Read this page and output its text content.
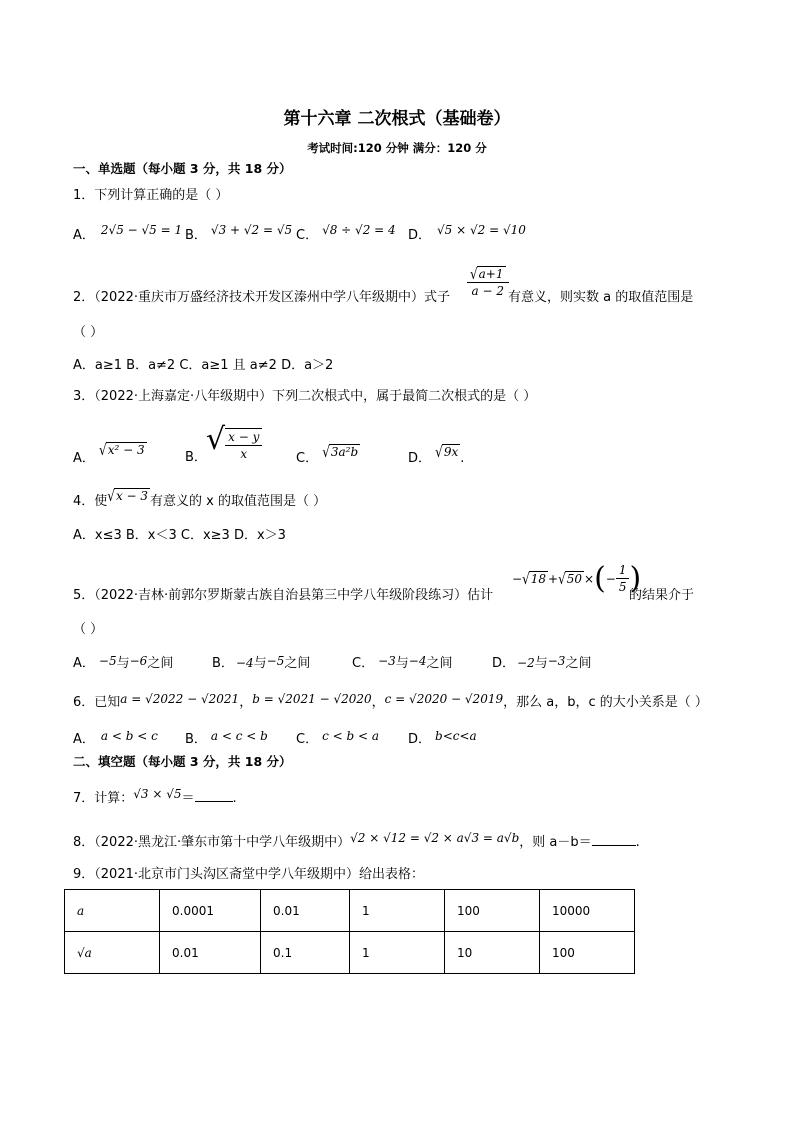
第十六章 二次根式（基础卷）
考试时间:120 分钟 满分：120 分
一、单选题（每小题 3 分，共 18 分）
1．下列计算正确的是（ ）
A． 2√5 − √5 = 1 B． √3 + √2 = √5 C． √8 ÷ √2 = 4 D． √5 × √2 = √10
2．（2022·重庆市万盛经济技术开发区溱州中学八年级期中）式子 $\frac{√a+1}{a - 2}$ 有意义，则实数 a 的取值范围是
（ ）
A．a≥1 B．a≠2 C．a≥1 且 a≠2 D．a＞2
3．（2022·上海嘉定·八年级期中）下列二次根式中，属于最简二次根式的是（ ）
A． √x² − 3	B．
√ $\frac{x - y}{x}$	C． √3a²b	D． √9x .
4．使√x − 3 有意义的 x 的取值范围是（ ）
A．x≤3 B．x＜3 C．x≥3 D．x＞3
5．（2022·吉林·前郭尔罗斯蒙古族自治县第三中学八年级阶段练习）估计
− √ 18 + √ 50 × ( − $\frac{1}{5}$ )
的结果介于
（ ）
A． −5与−6之间	B． −4与−5之间	C． −3与−4之间	D． −2与−3之间
6．已知a = √2022 − √2021，b = √2021 − √2020，c = √2020 − √2019，那么 a，b，c 的大小关系是（ ）
A． a < b < c B． a < c < b C． c < b < a D． b<c<a
二、填空题（每小题 3 分，共 18 分）
7．计算：√3 × √5＝	.
8．（2022·黑龙江·肇东市第十中学八年级期中）√2 × √12 = √2 × a√3 = a√b，则 a－b＝	.
9．（2021·北京市门头沟区斋堂中学八年级期中）给出表格：
a	0.0001	0.01	1	100	10000
√a	0.01	0.1	1	10	100
